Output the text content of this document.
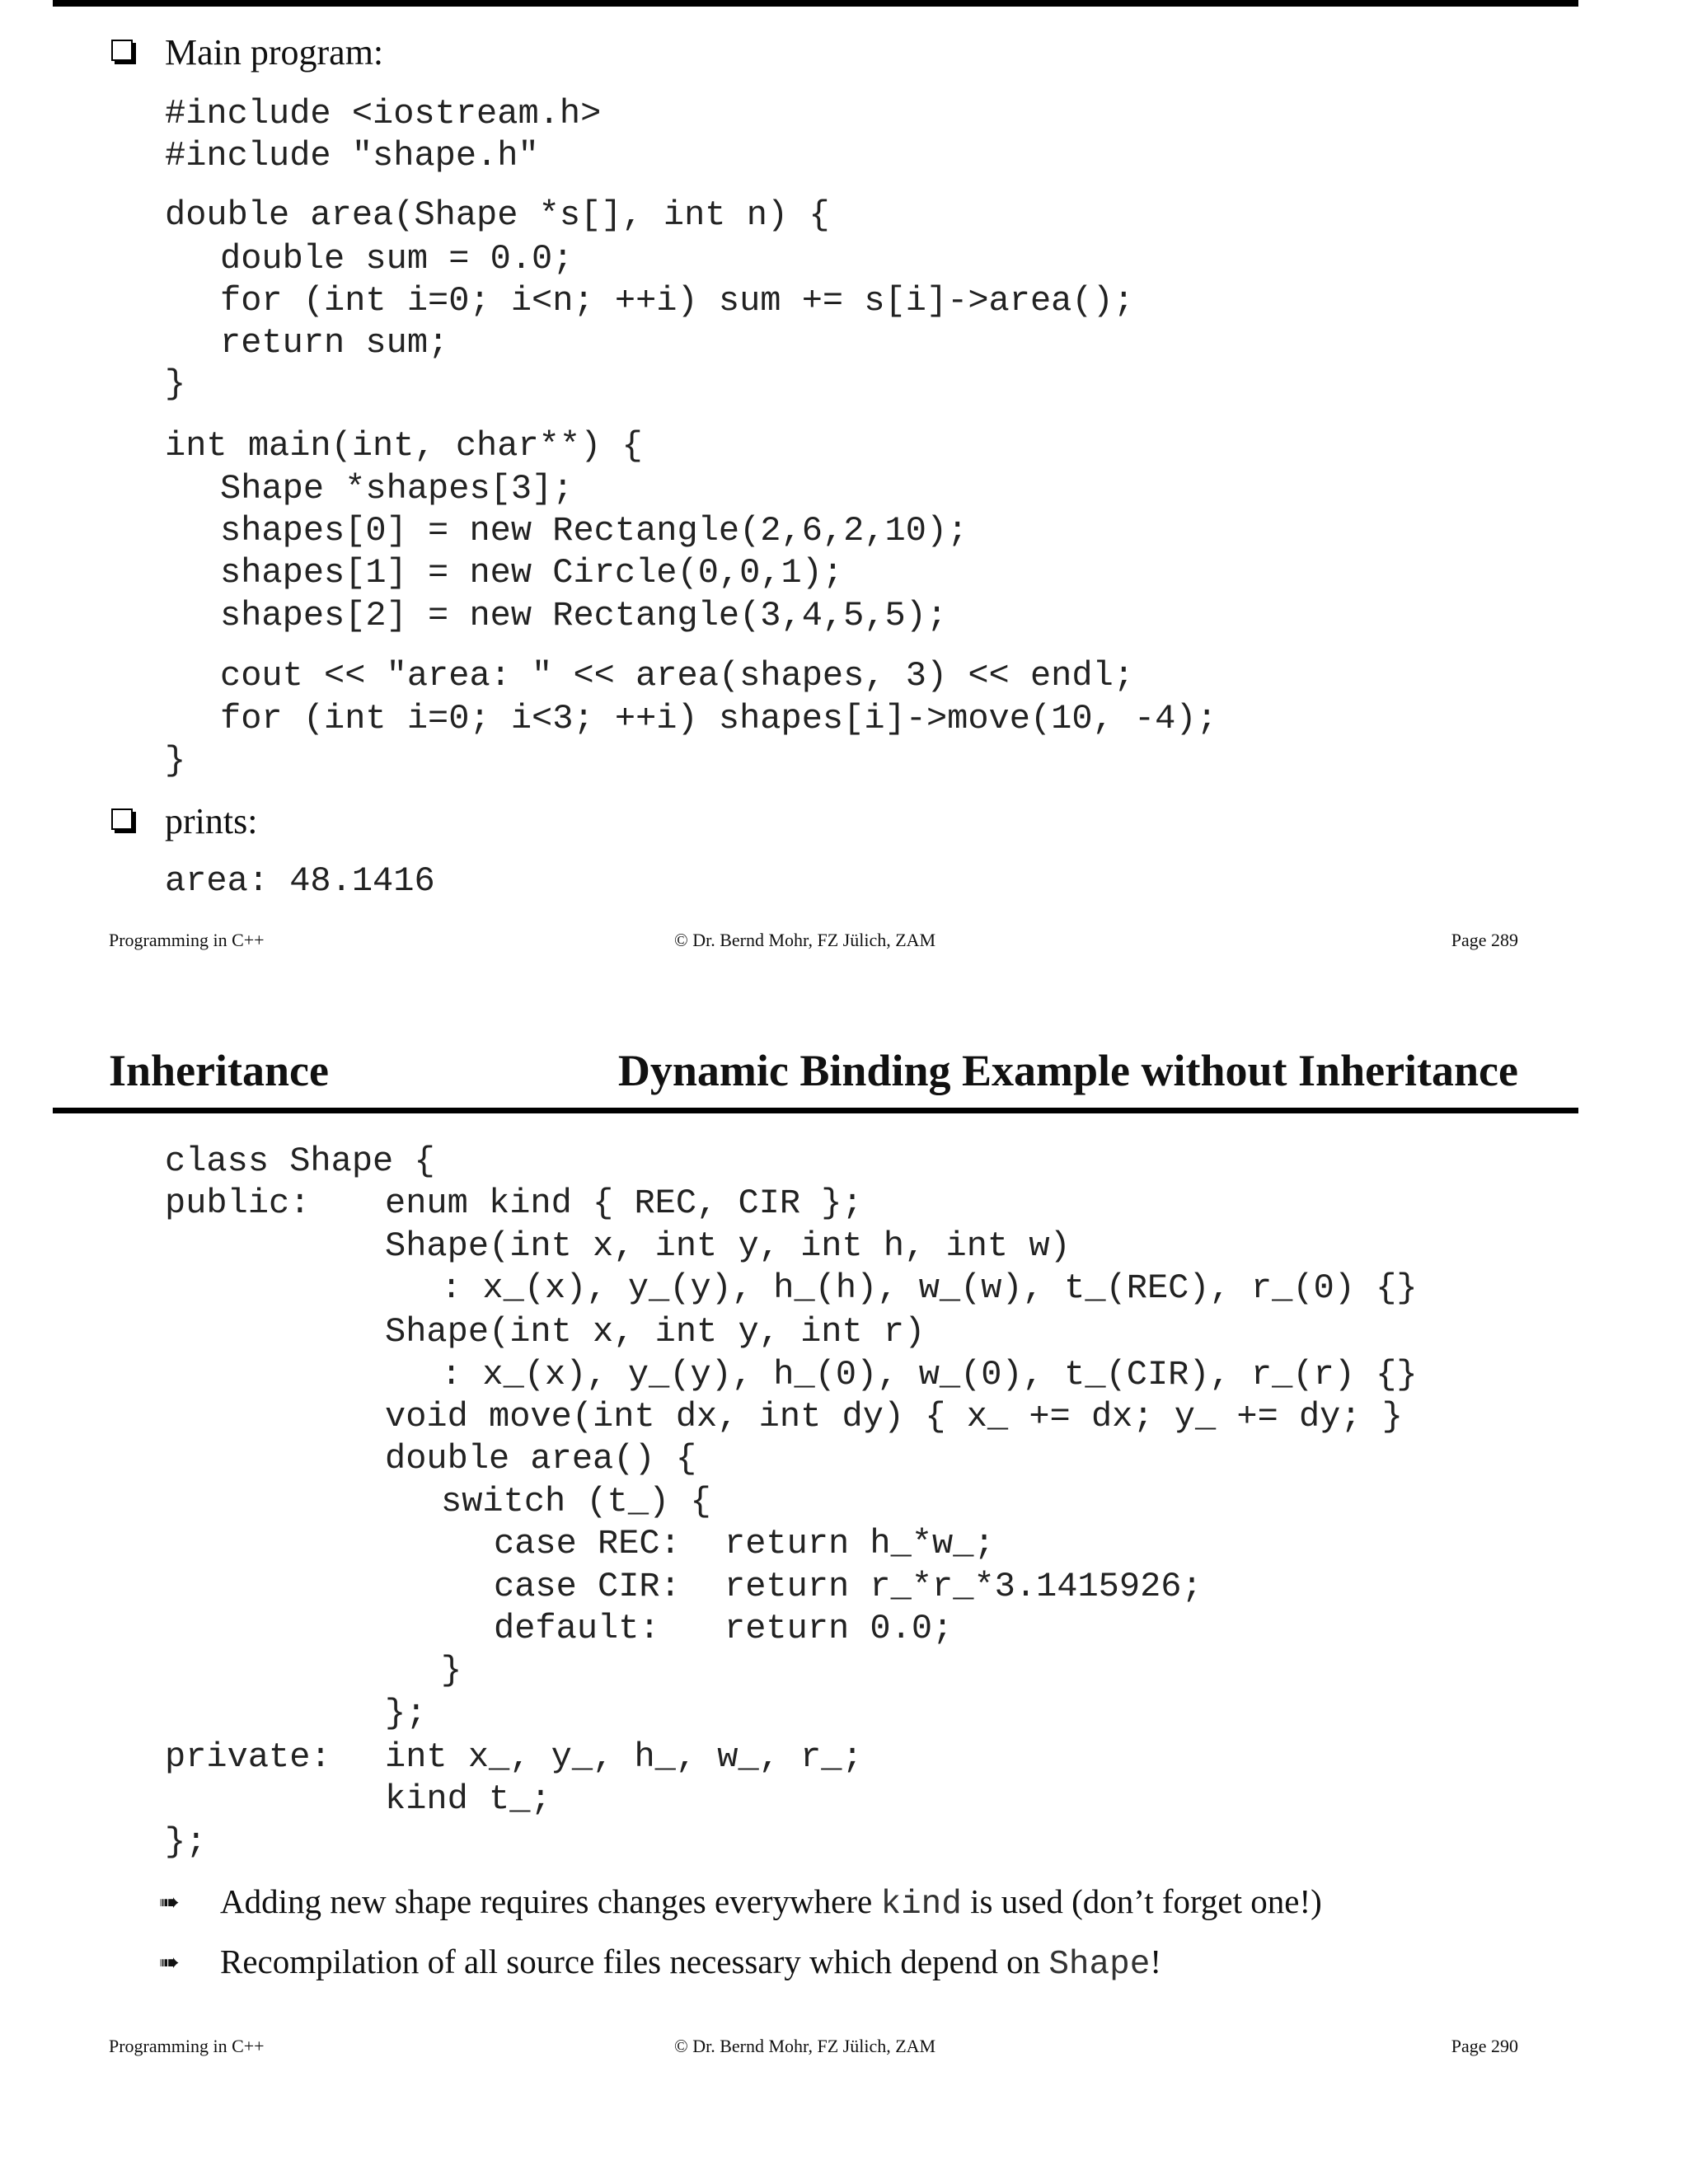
Main program:
#include <iostream.h>
#include "shape.h"
double area(Shape *s[], int n) {
double sum = 0.0;
for (int i=0; i<n; ++i) sum += s[i]->area();
return sum;
}
int main(int, char**) {
Shape *shapes[3];
shapes[0] = new Rectangle(2,6,2,10);
shapes[1] = new Circle(0,0,1);
shapes[2] = new Rectangle(3,4,5,5);
cout << "area: " << area(shapes, 3) << endl;
for (int i=0; i<3; ++i) shapes[i]->move(10, -4);
}
prints:
area: 48.1416
Programming in C++	© Dr. Bernd Mohr, FZ Jülich, ZAM	Page 289
Inheritance	Dynamic Binding Example without Inheritance
class Shape {
public: enum kind { REC, CIR };
Shape(int x, int y, int h, int w)
: x_(x), y_(y), h_(h), w_(w), t_(REC), r_(0) {}
Shape(int x, int y, int r)
: x_(x), y_(y), h_(0), w_(0), t_(CIR), r_(r) {}
void move(int dx, int dy) { x_ += dx; y_ += dy; }
double area() {
switch (t_) {
case REC: return h_*w_;
case CIR: return r_*r_*3.1415926;
default: return 0.0;
}
};
private: int x_, y_, h_, w_, r_;
kind t_;
};
➠ Adding new shape requires changes everywhere kind is used (don’t forget one!)
➠ Recompilation of all source files necessary which depend on Shape!
Programming in C++	© Dr. Bernd Mohr, FZ Jülich, ZAM	Page 290
